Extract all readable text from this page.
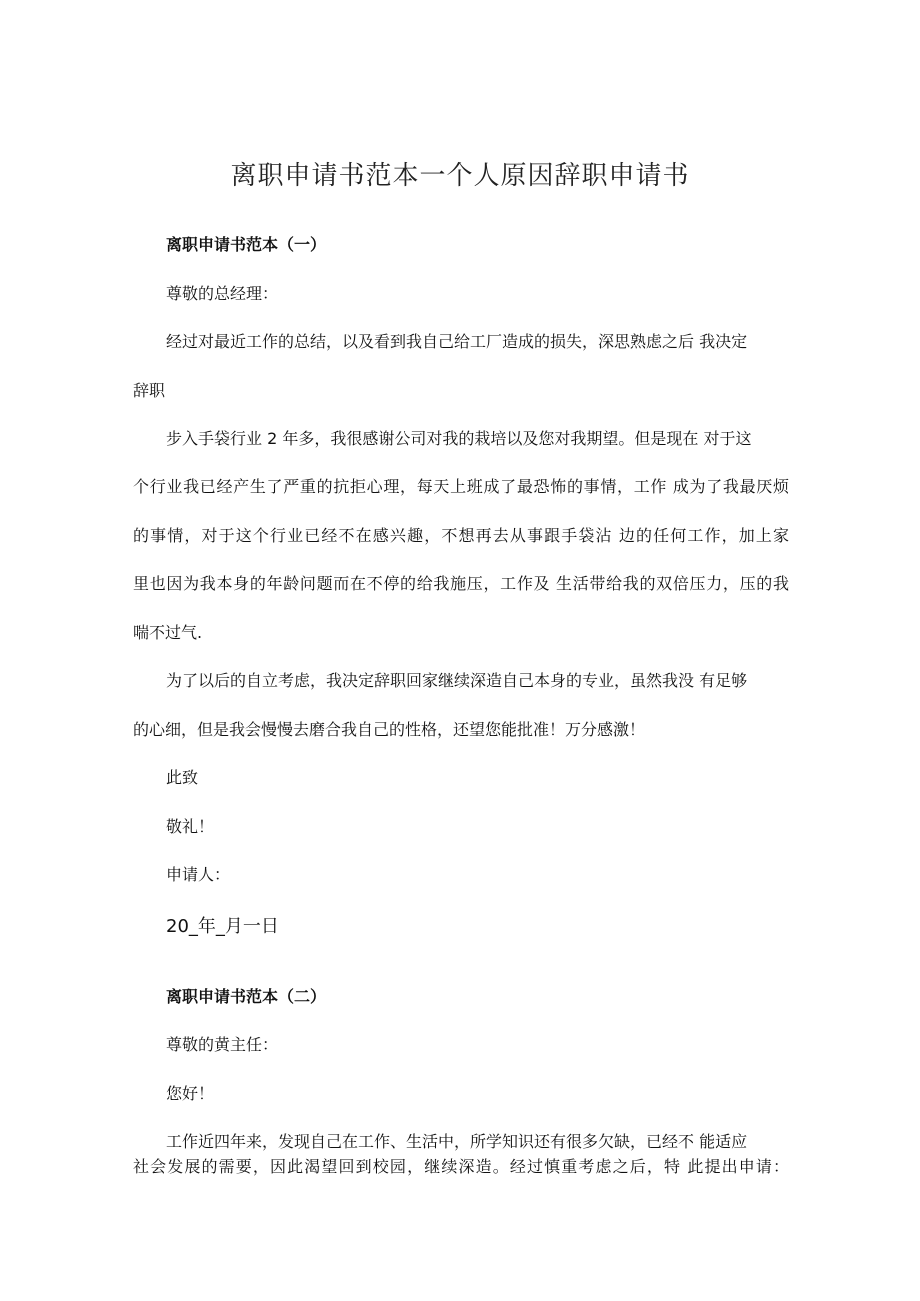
离职申请书范本一个人原因辞职申请书
离职申请书范本（一）
尊敬的总经理：
经过对最近工作的总结，以及看到我自己给工厂造成的损失，深思熟虑之后 我决定
辞职
步入手袋行业 2 年多，我很感谢公司对我的栽培以及您对我期望。但是现在 对于这
个行业我已经产生了严重的抗拒心理，每天上班成了最恐怖的事情，工作 成为了我最厌烦
的事情，对于这个行业已经不在感兴趣，不想再去从事跟手袋沾 边的任何工作，加上家
里也因为我本身的年龄问题而在不停的给我施压，工作及 生活带给我的双倍压力，压的我
喘不过气.
为了以后的自立考虑，我决定辞职回家继续深造自己本身的专业，虽然我没 有足够
的心细，但是我会慢慢去磨合我自己的性格，还望您能批准！万分感激！
此致
敬礼！
申请人：
20_年_月一日
离职申请书范本（二）
尊敬的黄主任：
您好！
工作近四年来，发现自己在工作、生活中，所学知识还有很多欠缺，已经不 能适应
社会发展的需要，因此渴望回到校园，继续深造。经过慎重考虑之后，特 此提出申请：
